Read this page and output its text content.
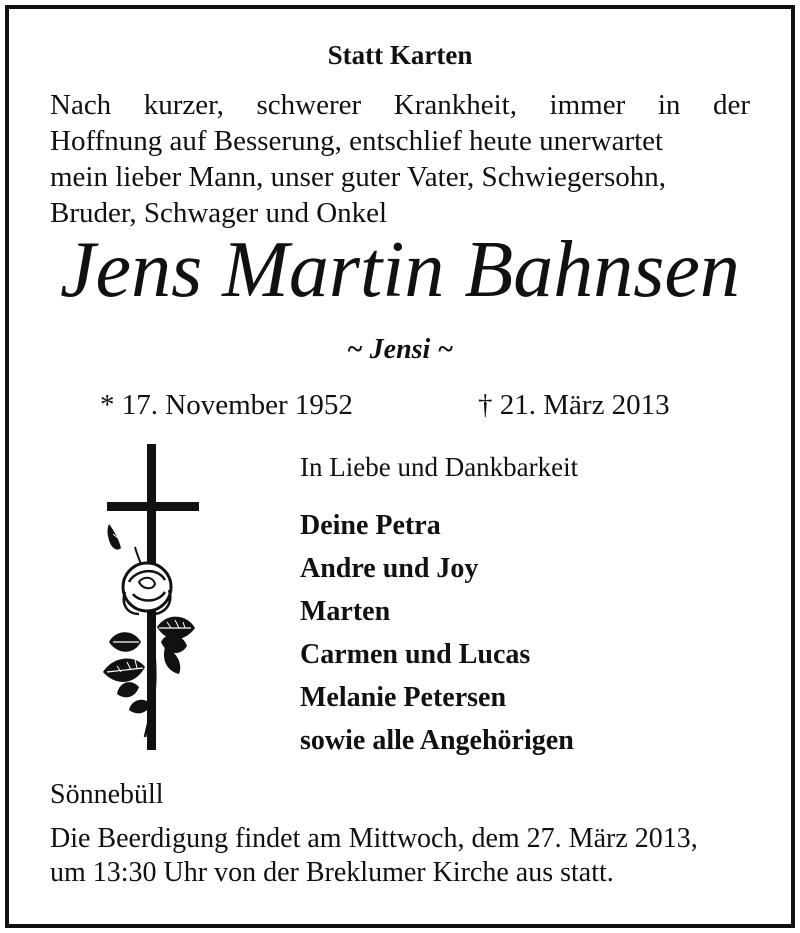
Statt Karten
Nach kurzer, schwerer Krankheit, immer in der
Hoffnung auf Besserung, entschlief heute unerwartet
mein lieber Mann, unser guter Vater, Schwiegersohn,
Bruder, Schwager und Onkel
Jens Martin Bahnsen
~ Jensi ~
* 17. November 1952	† 21. März 2013
In Liebe und Dankbarkeit
Deine Petra
Andre und Joy
Marten
Carmen und Lucas
Melanie Petersen
sowie alle Angehörigen
Sönnebüll
Die Beerdigung findet am Mittwoch, dem 27. März 2013,
um 13:30 Uhr von der Breklumer Kirche aus statt.
